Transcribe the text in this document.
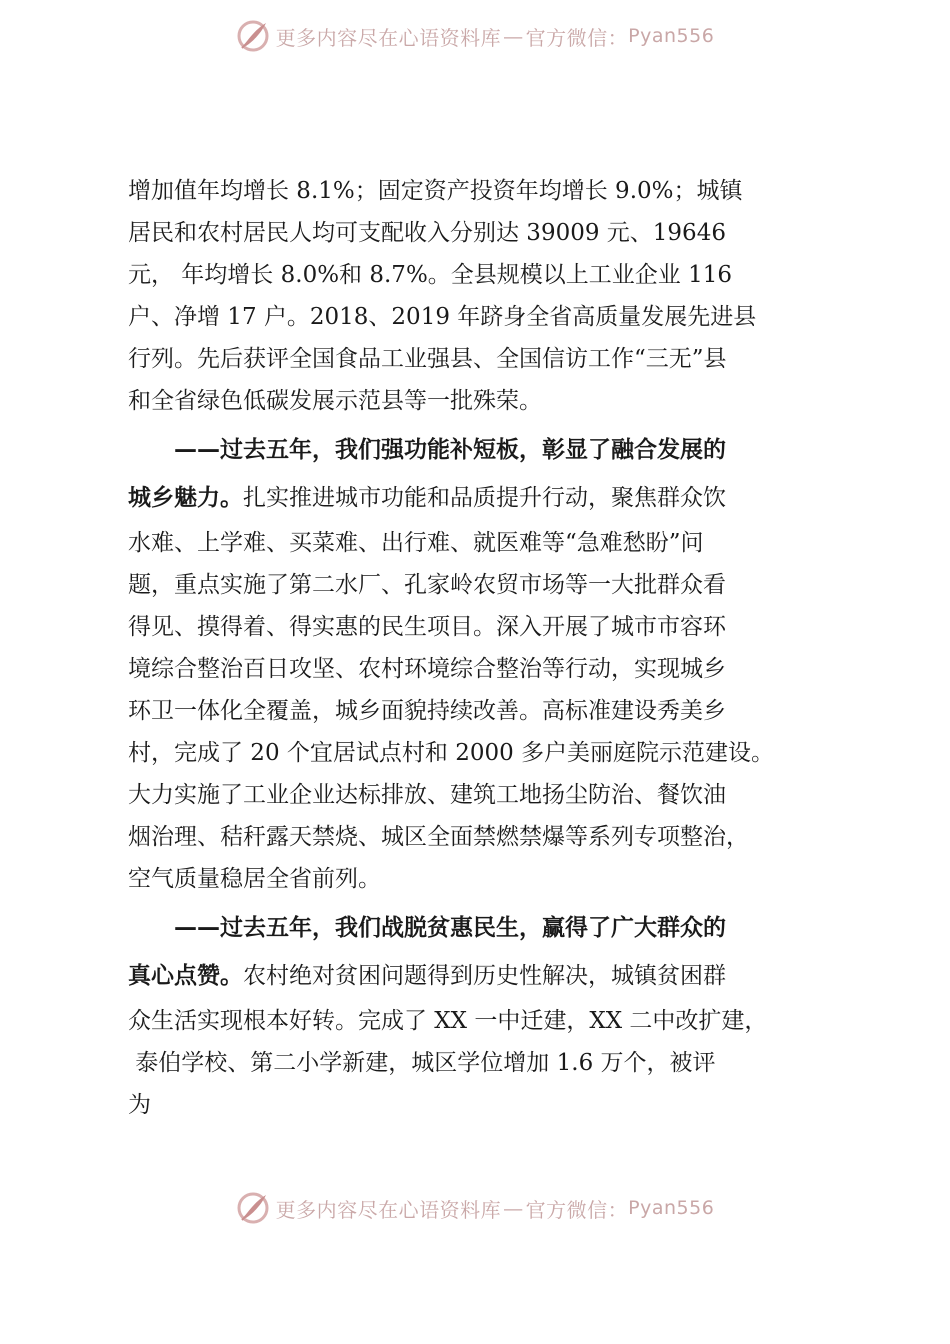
更多内容尽在心语资料库 — 官方微信： Pyan556
增加值年均增长 8.1%；固定资产投资年均增长 9.0%；城镇
居民和农村居民人均可支配收入分别达 39009 元、19646
元， 年均增长 8.0%和 8.7%。全县规模以上工业企业 116
户、净增 17 户。2018、2019 年跻身全省高质量发展先进县
行列。先后获评全国食品工业强县、全国信访工作“三无”县
和全省绿色低碳发展示范县等一批殊荣。
——过去五年，我们强功能补短板，彰显了融合发展的
城乡魅力。扎实推进城市功能和品质提升行动，聚焦群众饮
水难、上学难、买菜难、出行难、就医难等“急难愁盼”问
题，重点实施了第二水厂、孔家岭农贸市场等一大批群众看
得见、摸得着、得实惠的民生项目。深入开展了城市市容环
境综合整治百日攻坚、农村环境综合整治等行动，实现城乡
环卫一体化全覆盖，城乡面貌持续改善。高标准建设秀美乡
村，完成了 20 个宜居试点村和 2000 多户美丽庭院示范建设。
大力实施了工业企业达标排放、建筑工地扬尘防治、餐饮油
烟治理、秸秆露天禁烧、城区全面禁燃禁爆等系列专项整治，
空气质量稳居全省前列。
——过去五年，我们战脱贫惠民生，赢得了广大群众的
真心点赞。农村绝对贫困问题得到历史性解决，城镇贫困群
众生活实现根本好转。完成了 XX 一中迁建，XX 二中改扩建，
泰伯学校、第二小学新建，城区学位增加 1.6 万个，被评
为
更多内容尽在心语资料库 — 官方微信： Pyan556
